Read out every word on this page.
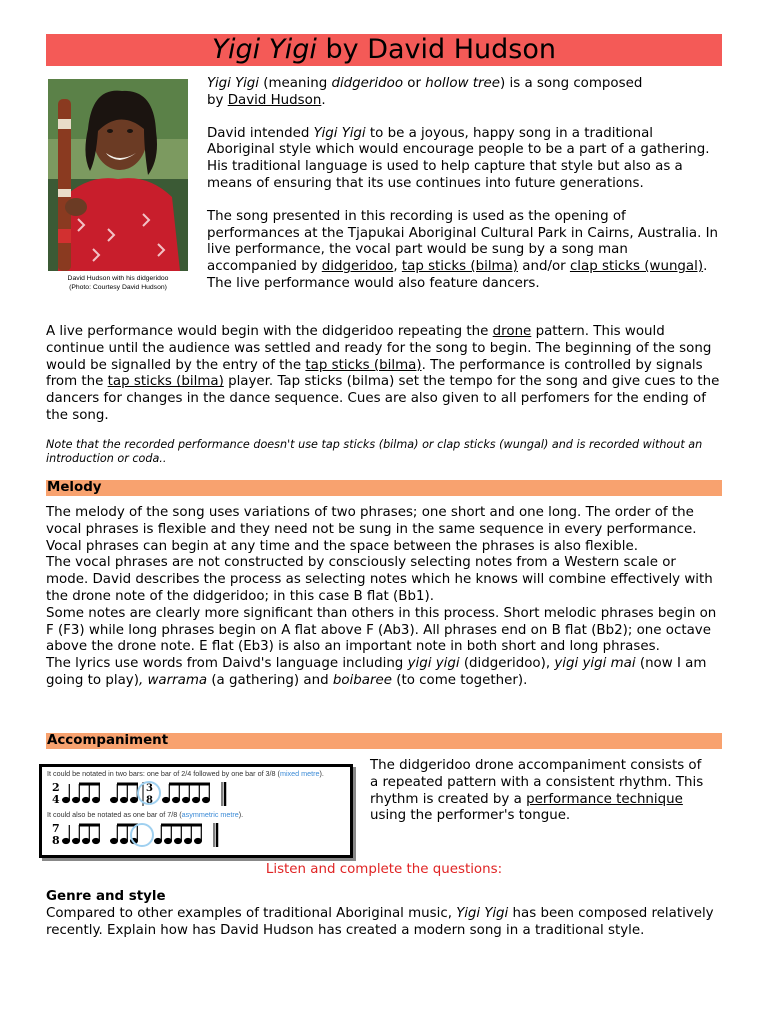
Yigi Yigi by David Hudson
David Hudson with his didgeridoo
(Photo: Courtesy David Hudson)

Yigi Yigi (meaning didgeridoo or hollow tree) is a song composed
by David Hudson.

David intended Yigi Yigi to be a joyous, happy song in a traditional Aboriginal style which would encourage people to be a part of a gathering. His traditional language is used to help capture that style but also as a means of ensuring that its use continues into future generations.

The song presented in this recording is used as the opening of performances at the Tjapukai Aboriginal Cultural Park in Cairns, Australia. In live performance, the vocal part would be sung by a song man accompanied by didgeridoo, tap sticks (bilma) and/or clap sticks (wungal). The live performance would also feature dancers.

A live performance would begin with the didgeridoo repeating the drone pattern. This would continue until the audience was settled and ready for the song to begin. The beginning of the song would be signalled by the entry of the tap sticks (bilma). The performance is controlled by signals from the tap sticks (bilma) player. Tap sticks (bilma) set the tempo for the song and give cues to the dancers for changes in the dance sequence. Cues are also given to all perfomers for the ending of the song.

Note that the recorded performance doesn't use tap sticks (bilma) or clap sticks (wungal) and is recorded without an introduction or coda..

Melody

The melody of the song uses variations of two phrases; one short and one long. The order of the vocal phrases is flexible and they need not be sung in the same sequence in every performance. Vocal phrases can begin at any time and the space between the phrases is also flexible.

The vocal phrases are not constructed by consciously selecting notes from a Western scale or mode. David describes the process as selecting notes which he knows will combine effectively with the drone note of the didgeridoo; in this case B flat (Bb1).

Some notes are clearly more significant than others in this process. Short melodic phrases begin on F (F3) while long phrases begin on A flat above F (Ab3). All phrases end on B flat (Bb2); one octave above the drone note. E flat (Eb3) is also an important note in both short and long phrases.

The lyrics use words from Daivd's language including yigi yigi (didgeridoo), yigi yigi mai (now I am going to play), warrama (a gathering) and boibaree (to come together).

Accompaniment

The didgeridoo drone accompaniment consists of a repeated pattern with a consistent rhythm. This rhythm is created by a performance technique using the performer's tongue.

It could be notated in two bars: one bar of 2/4 followed by one bar of 3/8 (mixed metre).
2
4
3
8
It could also be notated as one bar of 7/8 (asymmetric metre).
7
8
Listen and complete the questions:
Genre and style

Compared to other examples of traditional Aboriginal music, Yigi Yigi has been composed relatively recently. Explain how has David Hudson has created a modern song in a traditional style.
